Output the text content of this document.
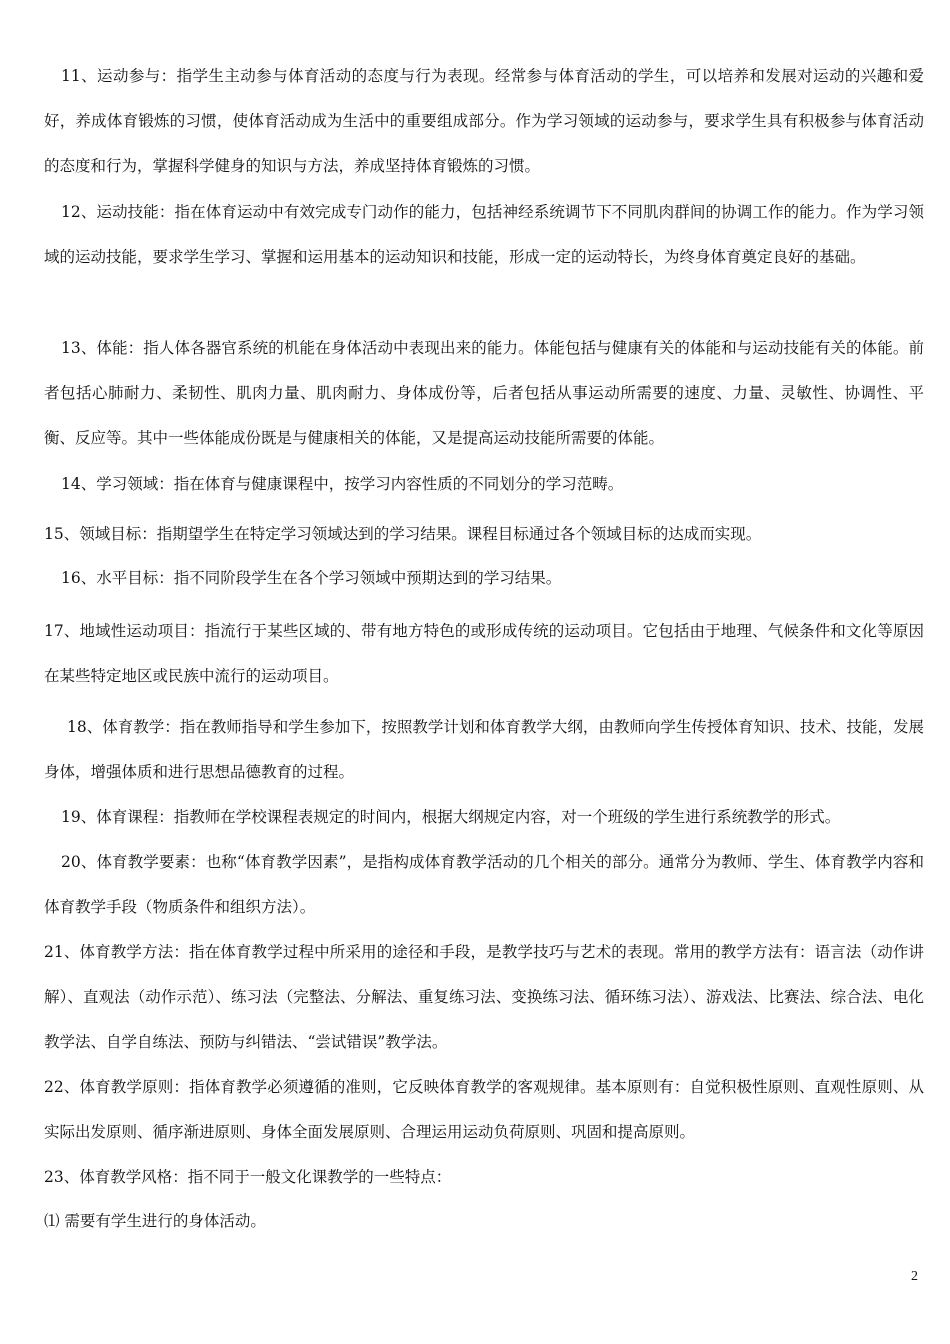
11、运动参与：指学生主动参与体育活动的态度与行为表现。经常参与体育活动的学生，可以培养和发展对运动的兴趣和爱好，养成体育锻炼的习惯，使体育活动成为生活中的重要组成部分。作为学习领域的运动参与，要求学生具有积极参与体育活动的态度和行为，掌握科学健身的知识与方法，养成坚持体育锻炼的习惯。

12、运动技能：指在体育运动中有效完成专门动作的能力，包括神经系统调节下不同肌肉群间的协调工作的能力。作为学习领域的运动技能，要求学生学习、掌握和运用基本的运动知识和技能，形成一定的运动特长，为终身体育奠定良好的基础。

13、体能：指人体各器官系统的机能在身体活动中表现出来的能力。体能包括与健康有关的体能和与运动技能有关的体能。前者包括心肺耐力、柔韧性、肌肉力量、肌肉耐力、身体成份等，后者包括从事运动所需要的速度、力量、灵敏性、协调性、平衡、反应等。其中一些体能成份既是与健康相关的体能，又是提高运动技能所需要的体能。

14、学习领域：指在体育与健康课程中，按学习内容性质的不同划分的学习范畴。

15、领域目标：指期望学生在特定学习领域达到的学习结果。课程目标通过各个领域目标的达成而实现。

16、水平目标：指不同阶段学生在各个学习领域中预期达到的学习结果。

17、地域性运动项目：指流行于某些区域的、带有地方特色的或形成传统的运动项目。它包括由于地理、气候条件和文化等原因在某些特定地区或民族中流行的运动项目。

18、体育教学：指在教师指导和学生参加下，按照教学计划和体育教学大纲，由教师向学生传授体育知识、技术、技能，发展身体，增强体质和进行思想品德教育的过程。

19、体育课程：指教师在学校课程表规定的时间内，根据大纲规定内容，对一个班级的学生进行系统教学的形式。

20、体育教学要素：也称“体育教学因素”，是指构成体育教学活动的几个相关的部分。通常分为教师、学生、体育教学内容和体育教学手段（物质条件和组织方法）。

21、体育教学方法：指在体育教学过程中所采用的途径和手段，是教学技巧与艺术的表现。常用的教学方法有：语言法（动作讲解）、直观法（动作示范）、练习法（完整法、分解法、重复练习法、变换练习法、循环练习法）、游戏法、比赛法、综合法、电化教学法、自学自练法、预防与纠错法、“尝试错误”教学法。

22、体育教学原则：指体育教学必须遵循的准则，它反映体育教学的客观规律。基本原则有：自觉积极性原则、直观性原则、从实际出发原则、循序渐进原则、身体全面发展原则、合理运用运动负荷原则、巩固和提高原则。

23、体育教学风格：指不同于一般文化课教学的一些特点：

⑴ 需要有学生进行的身体活动。

2
